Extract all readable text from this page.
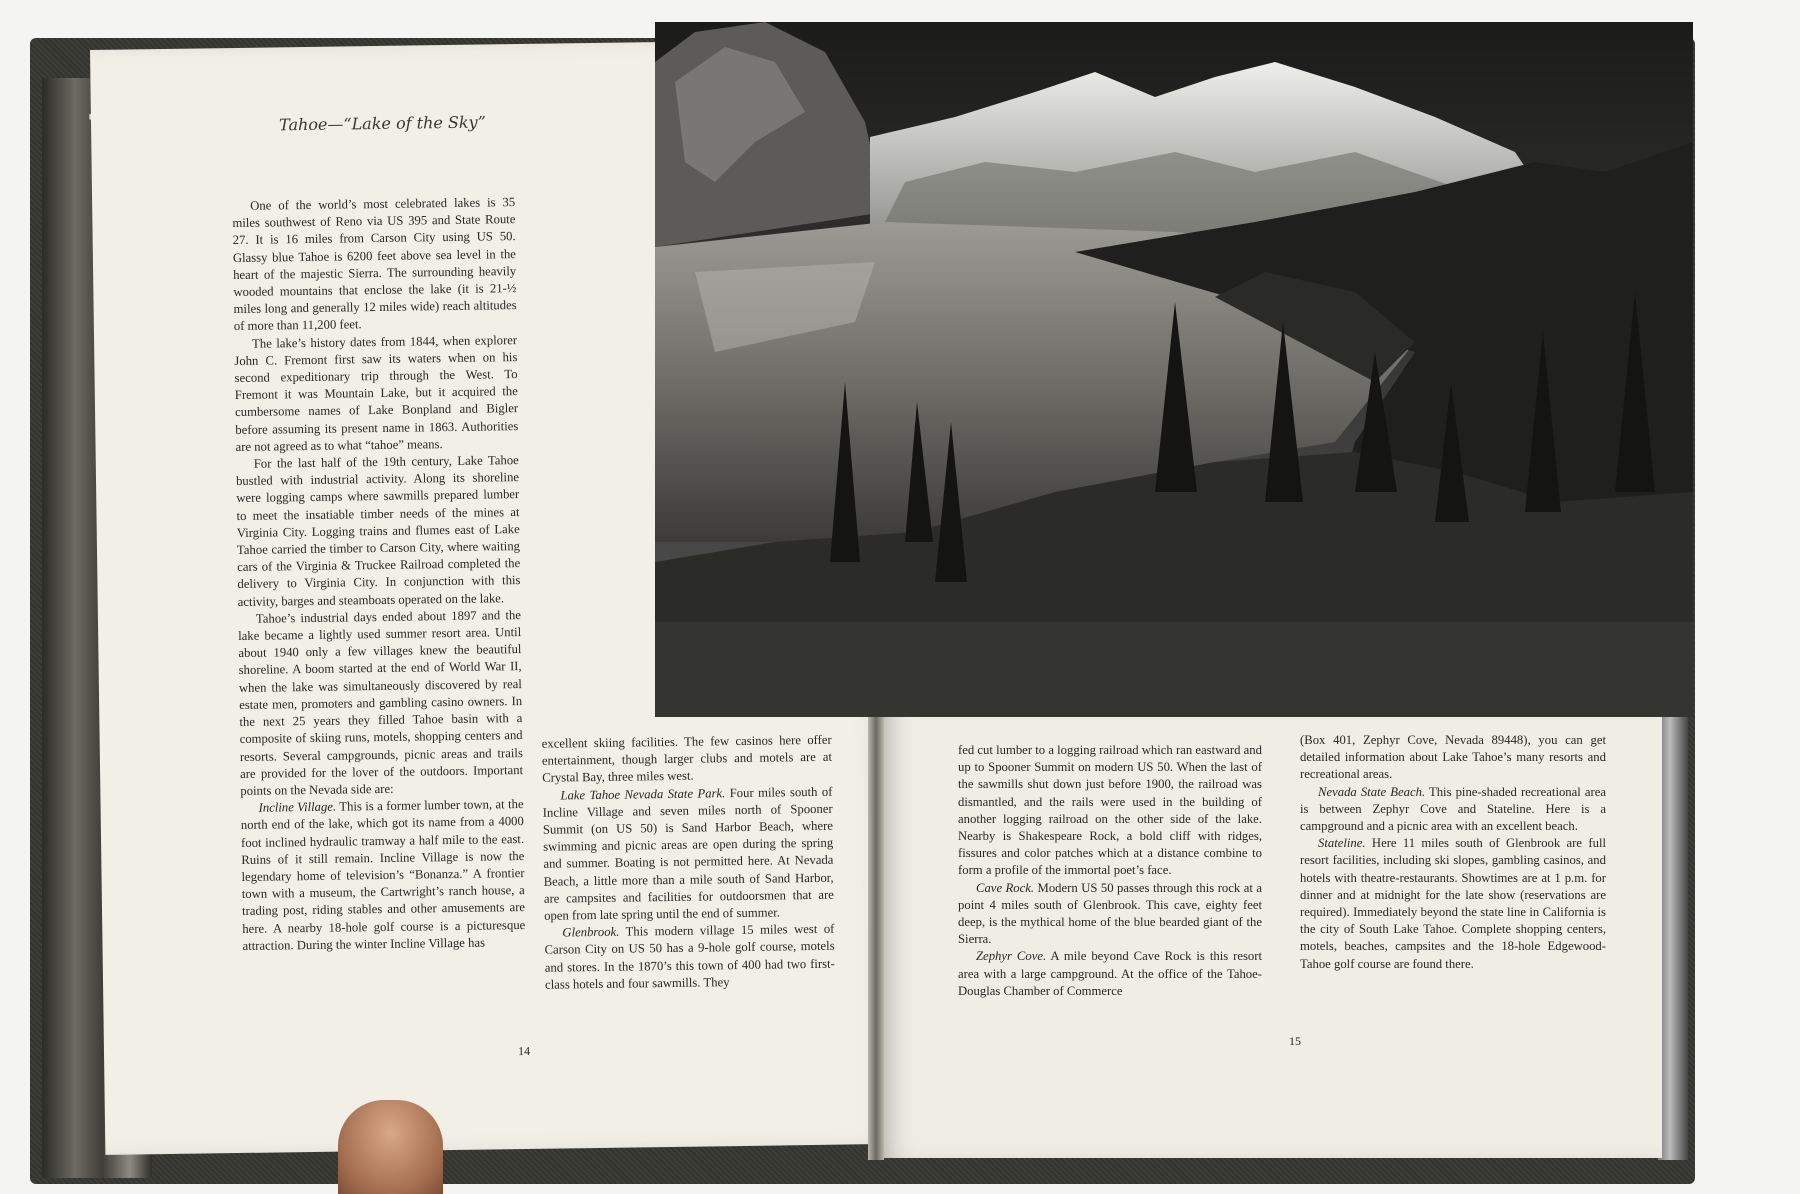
Tahoe—“Lake of the Sky”

One of the world’s most celebrated lakes is 35 miles southwest of Reno via US 395 and State Route 27. It is 16 miles from Carson City using US 50. Glassy blue Tahoe is 6200 feet above sea level in the heart of the majestic Sierra. The surrounding heavily wooded mountains that enclose the lake (it is 21-½ miles long and generally 12 miles wide) reach altitudes of more than 11,200 feet.

The lake’s history dates from 1844, when explorer John C. Fremont first saw its waters when on his second expeditionary trip through the West. To Fremont it was Mountain Lake, but it acquired the cumbersome names of Lake Bonpland and Bigler before assuming its present name in 1863. Authorities are not agreed as to what “tahoe” means.

For the last half of the 19th century, Lake Tahoe bustled with industrial activity. Along its shoreline were logging camps where sawmills prepared lumber to meet the insatiable timber needs of the mines at Virginia City. Logging trains and flumes east of Lake Tahoe carried the timber to Carson City, where waiting cars of the Virginia & Truckee Railroad completed the delivery to Virginia City. In conjunction with this activity, barges and steamboats operated on the lake.

Tahoe’s industrial days ended about 1897 and the lake became a lightly used summer resort area. Until about 1940 only a few villages knew the beautiful shoreline. A boom started at the end of World War II, when the lake was simultaneously discovered by real estate men, promoters and gambling casino owners. In the next 25 years they filled Tahoe basin with a composite of skiing runs, motels, shopping centers and resorts. Several campgrounds, picnic areas and trails are provided for the lover of the outdoors. Important points on the Nevada side are:

Incline Village. This is a former lumber town, at the north end of the lake, which got its name from a 4000 foot inclined hydraulic tramway a half mile to the east. Ruins of it still remain. Incline Village is now the legendary home of television’s “Bonanza.” A frontier town with a museum, the Cartwright’s ranch house, a trading post, riding stables and other amusements are here. A nearby 18-hole golf course is a picturesque attraction. During the winter Incline Village has

excellent skiing facilities. The few casinos here offer entertainment, though larger clubs and motels are at Crystal Bay, three miles west.

Lake Tahoe Nevada State Park. Four miles south of Incline Village and seven miles north of Spooner Summit (on US 50) is Sand Harbor Beach, where swimming and picnic areas are open during the spring and summer. Boating is not permitted here. At Nevada Beach, a little more than a mile south of Sand Harbor, are campsites and facilities for outdoorsmen that are open from late spring until the end of summer.

Glenbrook. This modern village 15 miles west of Carson City on US 50 has a 9-hole golf course, motels and stores. In the 1870’s this town of 400 had two first-class hotels and four sawmills. They

14

fed cut lumber to a logging railroad which ran eastward and up to Spooner Summit on modern US 50. When the last of the sawmills shut down just before 1900, the railroad was dismantled, and the rails were used in the building of another logging railroad on the other side of the lake. Nearby is Shakespeare Rock, a bold cliff with ridges, fissures and color patches which at a distance combine to form a profile of the immortal poet’s face.

Cave Rock. Modern US 50 passes through this rock at a point 4 miles south of Glenbrook. This cave, eighty feet deep, is the mythical home of the blue bearded giant of the Sierra.

Zephyr Cove. A mile beyond Cave Rock is this resort area with a large campground. At the office of the Tahoe-Douglas Chamber of Commerce

(Box 401, Zephyr Cove, Nevada 89448), you can get detailed information about Lake Tahoe’s many resorts and recreational areas.

Nevada State Beach. This pine-shaded recreational area is between Zephyr Cove and Stateline. Here is a campground and a picnic area with an excellent beach.

Stateline. Here 11 miles south of Glenbrook are full resort facilities, including ski slopes, gambling casinos, and hotels with theatre-restaurants. Showtimes are at 1 p.m. for dinner and at midnight for the late show (reservations are required). Immediately beyond the state line in California is the city of South Lake Tahoe. Complete shopping centers, motels, beaches, campsites and the 18-hole Edgewood-Tahoe golf course are found there.

15
